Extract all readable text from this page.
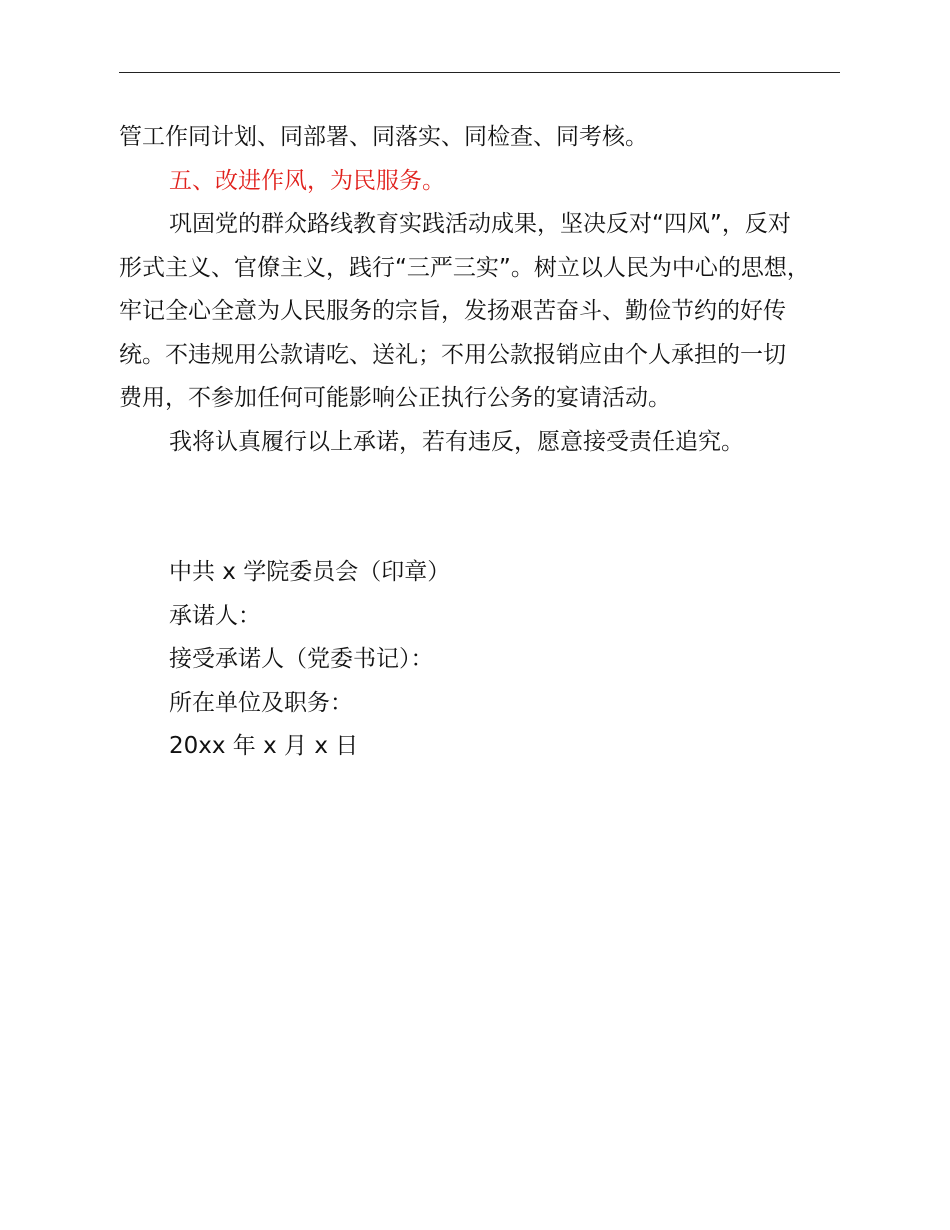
管工作同计划、同部署、同落实、同检查、同考核。

五、改进作风，为民服务。

巩固党的群众路线教育实践活动成果，坚决反对“四风”，反对

形式主义、官僚主义，践行“三严三实”。树立以人民为中心的思想，

牢记全心全意为人民服务的宗旨，发扬艰苦奋斗、勤俭节约的好传

统。不违规用公款请吃、送礼；不用公款报销应由个人承担的一切

费用，不参加任何可能影响公正执行公务的宴请活动。

我将认真履行以上承诺，若有违反，愿意接受责任追究。

中共 x 学院委员会（印章）

承诺人：

接受承诺人（党委书记）：

所在单位及职务：

20xx 年 x 月 x 日
